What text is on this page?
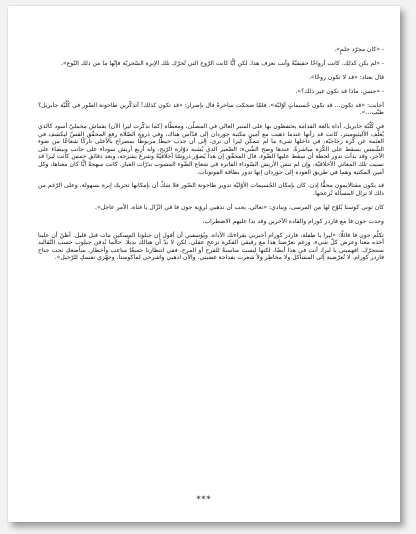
- «كان مجرّد حلمٍ».

- «لم يكن كذلك. كانت أرواحًا حقيقيّةً وأنت تعرف هذا. لكن أيًّا كانت الرّوح التي تُحرّك تلك الإبرة السّحريّة فإنّها ما من ذلك النّوع».

قال بعناد: «قد لا تكون روحًا».

- «حسن، ماذا قد تكون غير ذلك؟».

أجابت: «قد تكون... قد تكون جُسيماتٍ أوّليّة». فلمّا ضحكت ساخرةً قال بإصرار: «قد تكون كذلك! أتذكّرين طاحونة الصّور في كُلّيّة جابريل؟ طيّب...».

في كُلّيّة جابريل، أداة بالغة القدامة يحتفظون بها على المنبر العالي في المصلّى، ومغطّاة (كما تذكّرت ليرا الآن) بقماش مخمليّ أسود كالذي يُغلّف الأليثيوميتر. كانت قد رأتها عندما ذهبت مع أمين مكتبة جوردان إلى قدّاس هناك، وفي ذروة الصّلاة رفع المحقّق القسّ ليكشف في العتمة عن كُرة زجاجيّة، في داخلها شيء ما لم تتمكّن ليرا أن ترى، إلى أن جذب خيطًا مربوطًا بمصراع بالأعلى تاركًا شعاعًا من ضوء الشّمس يسقط على الكُرة مباشرةً. عندها وضح الشّيء: الصّغير الذي يُشبه دوّارة الرّيح، وله أربع أريش سوداء على جانب وبيضاء على الآخر، وقد بدأت تدور لحظة أن سقط عليها الضّوء. قال المحقّق إن هذا يُصوّر دروسًا أخلاقيّةً وشرعَ يشرحه، وبعد دقائق خمس كانت ليرا قد نسيت تلك المعاني الأخلاقيّة، وإن لم تنس الأريش السّوداء الفاترة في شعاع الضّوء المشوب بذرّات الغبار. كانت مبهجةً أيًّا كان معناها، وكل أمين المكتبة وهما في طريق العودة إلى جوردان إنها تدور بطاقة الفوتونات.

قد يكون مقتالايمون محقًّا إذن. كان بإمكان الجُسيمات الأوّليّة تدوير طاحونة الصّور فلا شكّ أن بإمكانها تحريك إبرة بسهولة، وعلى الرّغم من ذلك لا تزال المسألة تُزعجها.

كان توني كوستا يُلوّح لها من المرسى، وينادي: «تعالي. يجب أن تذهبي لرؤية جون فا في الزّال يا فتاة. الأمر عاجل».

وجدت جون فا مع فاردر كورام والقادة الآخرين وقد بدا عليهم الاضطراب.

تكلّم جون فا قائلًا: «ليرا يا طفلة، فاردر كورام أخبرني بقراءتك الأداة. ويُؤسفني أن أقول إن جبلونا المسكين مات قبل قليل. أظنّ أن علينا أخذه معنا وعرض كلّ شيء، ورغم تعرّضنا هذا مع رفيقي الفكرة تزعج عقلي. لكن لا بدّ أن هنالك بديلًا. حالما نُدفن جبلوب حسب التّقاليد سنتحرّك. افهميني يا ليرا، أنت في هذا أيضًا، لكنها ليست مناسبةً للفرح أو المرح، ففي انتظارنا جميعًا متاعب وأخطار. سأضعكِ تحت جناح فاردر كورام. لا تُعرّضيه إلى المشاكل ولا مخاطر ولأ شعرت بفداحة غضبتي. والآن اذهبي واشرحي لماكوستا، وجهّزي نفسكِ للرّحيل».

***
